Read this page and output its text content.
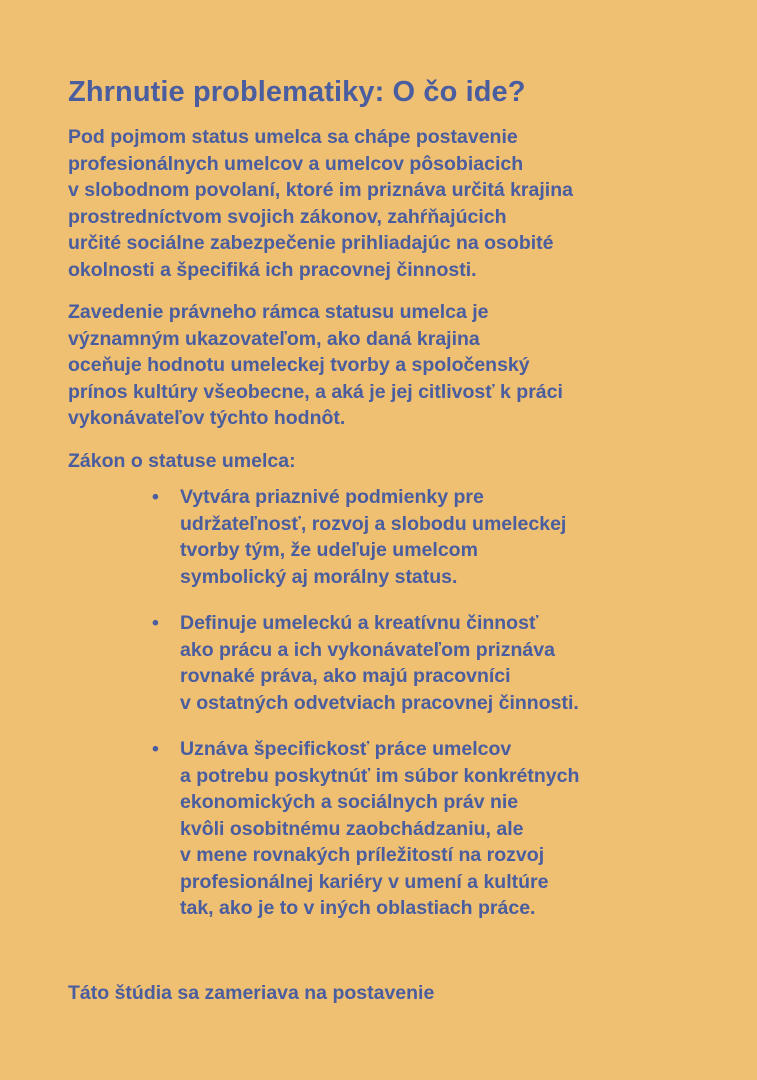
Zhrnutie problematiky: O čo ide?

Pod pojmom status umelca sa chápe postavenie
profesionálnych umelcov a umelcov pôsobiacich
v slobodnom povolaní, ktoré im priznáva určitá krajina
prostredníctvom svojich zákonov, zahŕňajúcich
určité sociálne zabezpečenie prihliadajúc na osobité
okolnosti a špecifiká ich pracovnej činnosti.

Zavedenie právneho rámca statusu umelca je
významným ukazovateľom, ako daná krajina
oceňuje hodnotu umeleckej tvorby a spoločenský
prínos kultúry všeobecne, a aká je jej citlivosť k práci
vykonávateľov týchto hodnôt.

Zákon o statuse umelca:

• Vytvára priaznivé podmienky pre
udržateľnosť, rozvoj a slobodu umeleckej
tvorby tým, že udeľuje umelcom
symbolický aj morálny status.
• Definuje umeleckú a kreatívnu činnosť
ako prácu a ich vykonávateľom priznáva
rovnaké práva, ako majú pracovníci
v ostatných odvetviach pracovnej činnosti.
• Uznáva špecifickosť práce umelcov
a potrebu poskytnúť im súbor konkrétnych
ekonomických a sociálnych práv nie
kvôli osobitnému zaobchádzaniu, ale
v mene rovnakých príležitostí na rozvoj
profesionálnej kariéry v umení a kultúre
tak, ako je to v iných oblastiach práce.

Táto štúdia sa zameriava na postavenie
